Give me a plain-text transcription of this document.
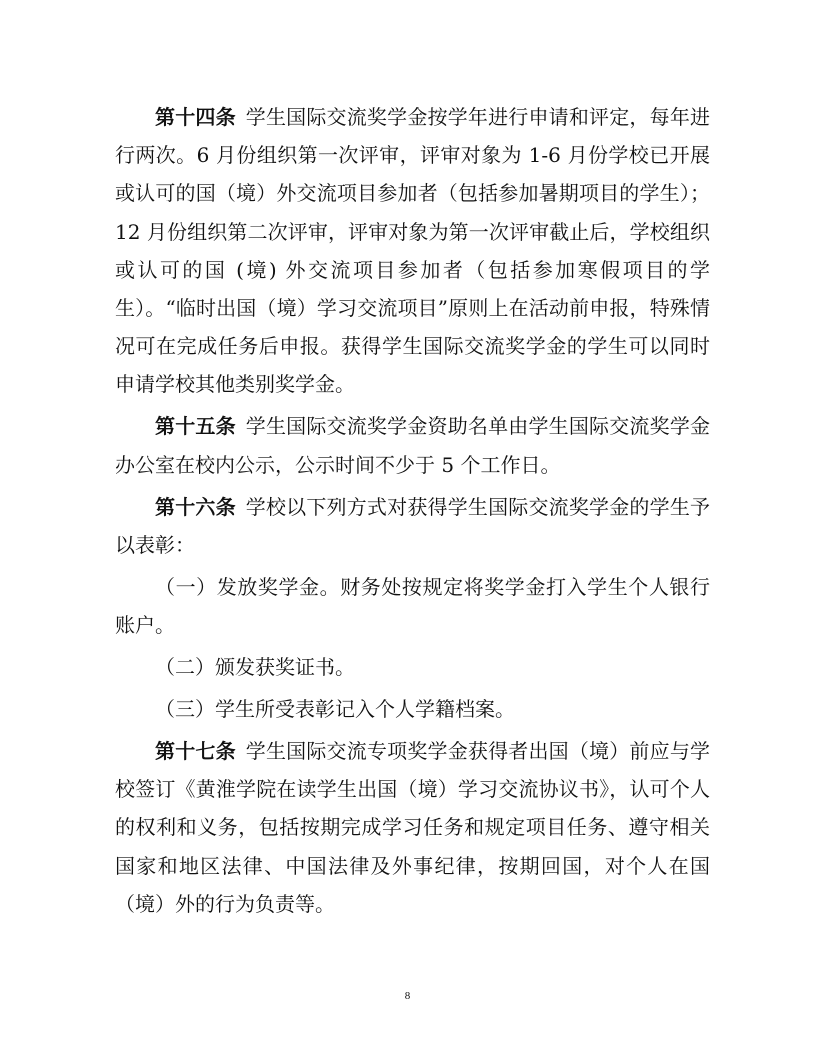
第十四条 学生国际交流奖学金按学年进行申请和评定，每年进行两次。6 月份组织第一次评审，评审对象为 1-6 月份学校已开展或认可的国（境）外交流项目参加者（包括参加暑期项目的学生）；12 月份组织第二次评审，评审对象为第一次评审截止后，学校组织或认可的国 (境) 外交流项目参加者（包括参加寒假项目的学生）。“临时出国（境）学习交流项目”原则上在活动前申报，特殊情况可在完成任务后申报。获得学生国际交流奖学金的学生可以同时申请学校其他类别奖学金。

第十五条 学生国际交流奖学金资助名单由学生国际交流奖学金办公室在校内公示，公示时间不少于 5 个工作日。

第十六条 学校以下列方式对获得学生国际交流奖学金的学生予以表彰：

（一）发放奖学金。财务处按规定将奖学金打入学生个人银行账户。

（二）颁发获奖证书。

（三）学生所受表彰记入个人学籍档案。

第十七条 学生国际交流专项奖学金获得者出国（境）前应与学校签订《黄淮学院在读学生出国（境）学习交流协议书》，认可个人的权利和义务，包括按期完成学习任务和规定项目任务、遵守相关国家和地区法律、中国法律及外事纪律，按期回国，对个人在国（境）外的行为负责等。

8
